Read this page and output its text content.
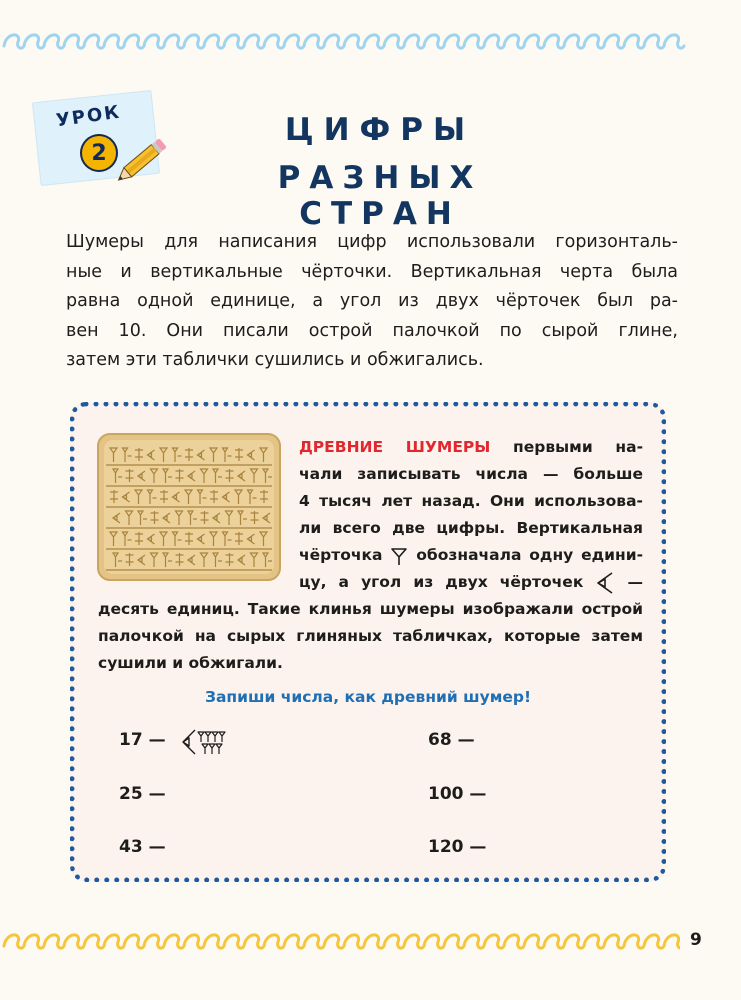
УРОК
2
ЦИФРЫ
РАЗНЫХ СТРАН
Шумеры для написания цифр использовали горизонталь-
ные и вертикальные чёрточки. Вертикальная черта была
равна одной единице, а угол из двух чёрточек был ра-
вен 10. Они писали острой палочкой по сырой глине,
затем эти таблички сушились и обжигались.
ДРЕВНИЕ ШУМЕРЫ первыми на-
чали записывать числа — больше
4 тысяч лет назад. Они использова-
ли всего две цифры. Вертикальная
чёрточка обозначала одну едини-
цу, а угол из двух чёрточек	—
десять единиц. Такие клинья шумеры изображали острой
палочкой на сырых глиняных табличках, которые затем
сушили и обжигали.
Запиши числа, как древний шумер!
17 —
25 —
43 —
68 —
100 —
120 —
9
